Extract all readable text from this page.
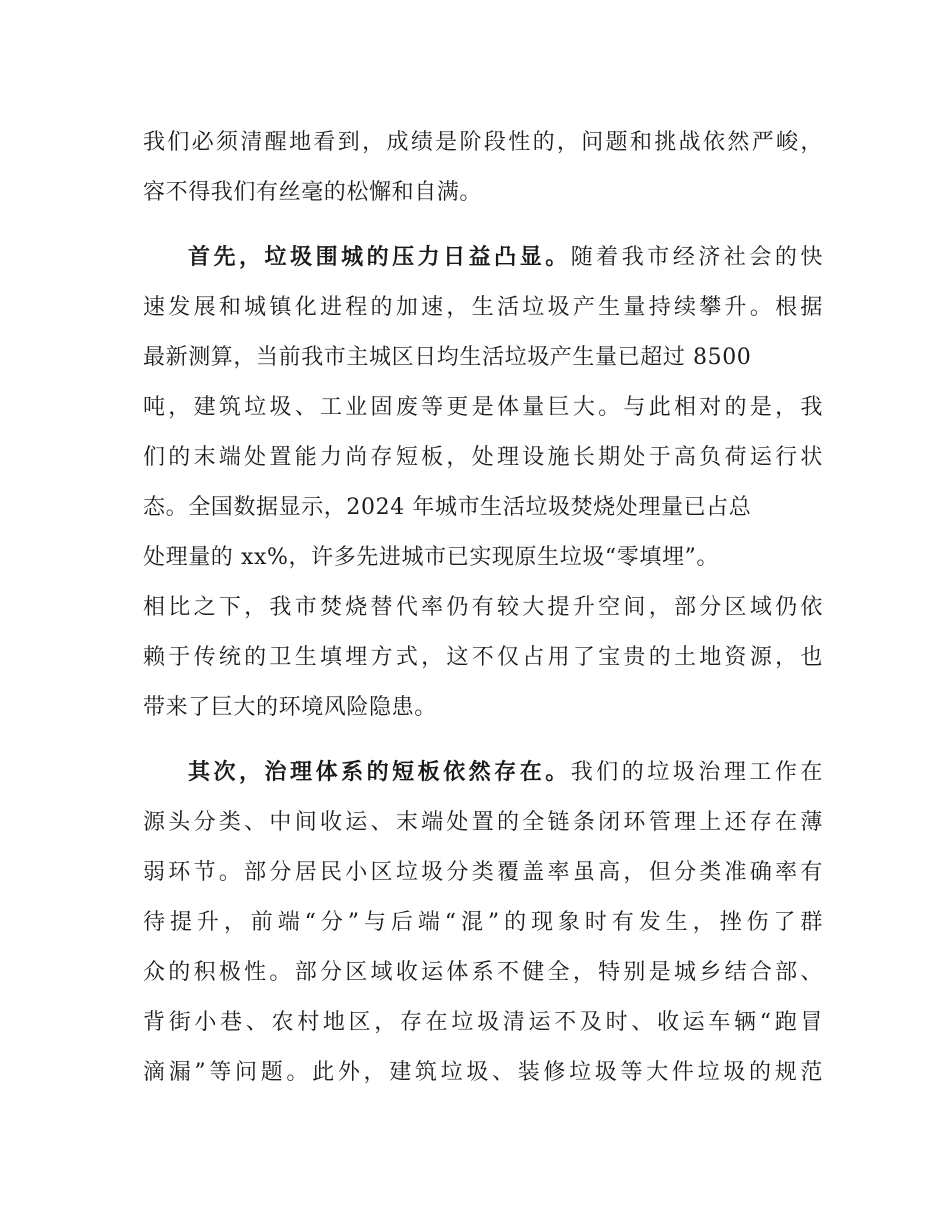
我们必须清醒地看到，成绩是阶段性的，问题和挑战依然严峻，
容不得我们有丝毫的松懈和自满。
首先，垃圾围城的压力日益凸显。随着我市经济社会的快
速发展和城镇化进程的加速，生活垃圾产生量持续攀升。根据
最新测算，当前我市主城区日均生活垃圾产生量已超过 8500
吨，建筑垃圾、工业固废等更是体量巨大。与此相对的是，我
们的末端处置能力尚存短板，处理设施长期处于高负荷运行状
态。全国数据显示，2024 年城市生活垃圾焚烧处理量已占总
处理量的 xx%，许多先进城市已实现原生垃圾“零填埋”。
相比之下，我市焚烧替代率仍有较大提升空间，部分区域仍依
赖于传统的卫生填埋方式，这不仅占用了宝贵的土地资源，也
带来了巨大的环境风险隐患。
其次，治理体系的短板依然存在。我们的垃圾治理工作在
源头分类、中间收运、末端处置的全链条闭环管理上还存在薄
弱环节。部分居民小区垃圾分类覆盖率虽高，但分类准确率有
待提升，前端“分”与后端“混”的现象时有发生，挫伤了群
众的积极性。部分区域收运体系不健全，特别是城乡结合部、
背街小巷、农村地区，存在垃圾清运不及时、收运车辆“跑冒
滴漏”等问题。此外，建筑垃圾、装修垃圾等大件垃圾的规范
